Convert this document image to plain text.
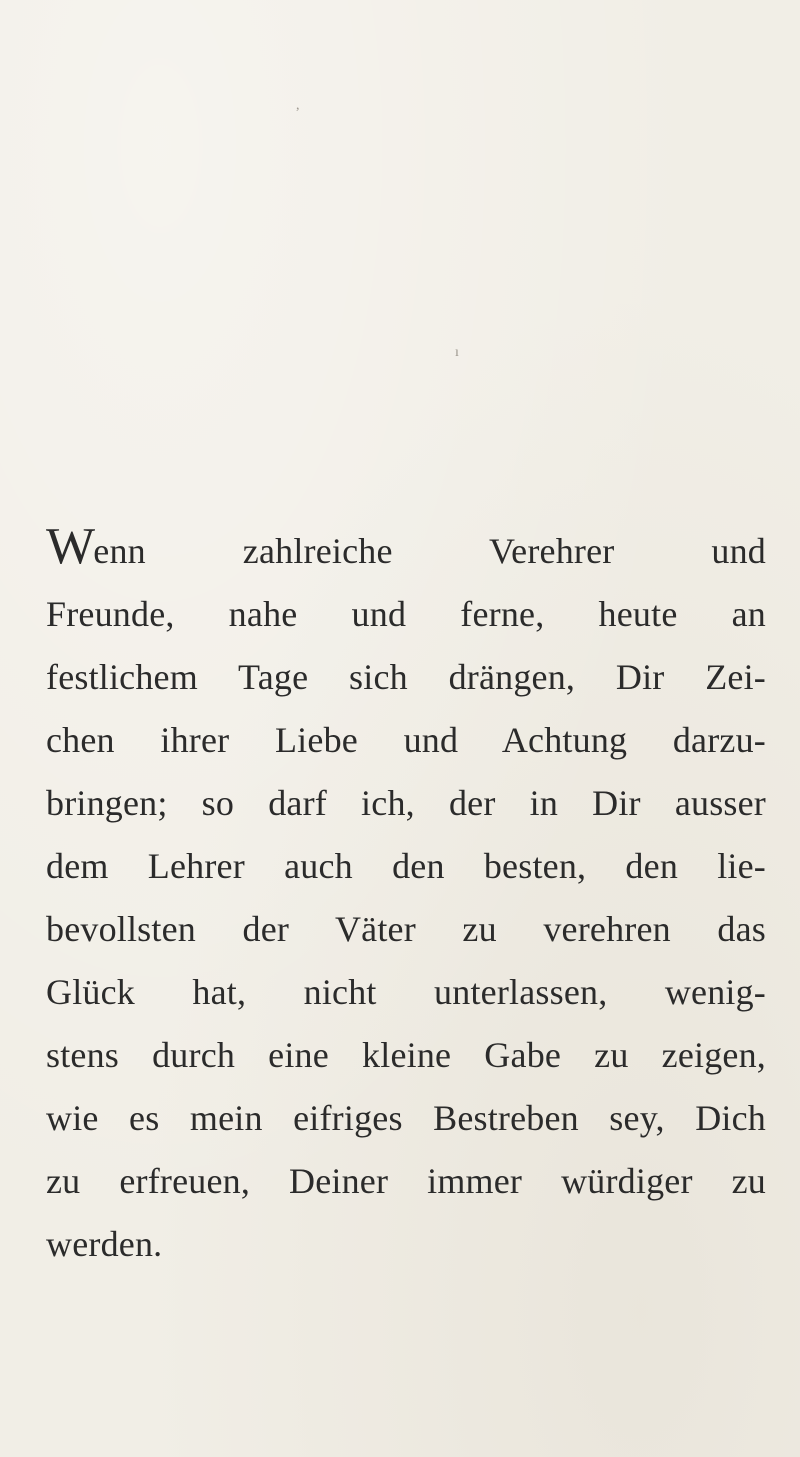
,
ı
Wenn zahlreiche Verehrer und
Freunde, nahe und ferne, heute an
festlichem Tage sich drängen, Dir Zei-
chen ihrer Liebe und Achtung darzu-
bringen; so darf ich, der in Dir ausser
dem Lehrer auch den besten, den lie-
bevollsten der Väter zu verehren das
Glück hat, nicht unterlassen, wenig-
stens durch eine kleine Gabe zu zeigen,
wie es mein eifriges Bestreben sey, Dich
zu erfreuen, Deiner immer würdiger zu
werden.
